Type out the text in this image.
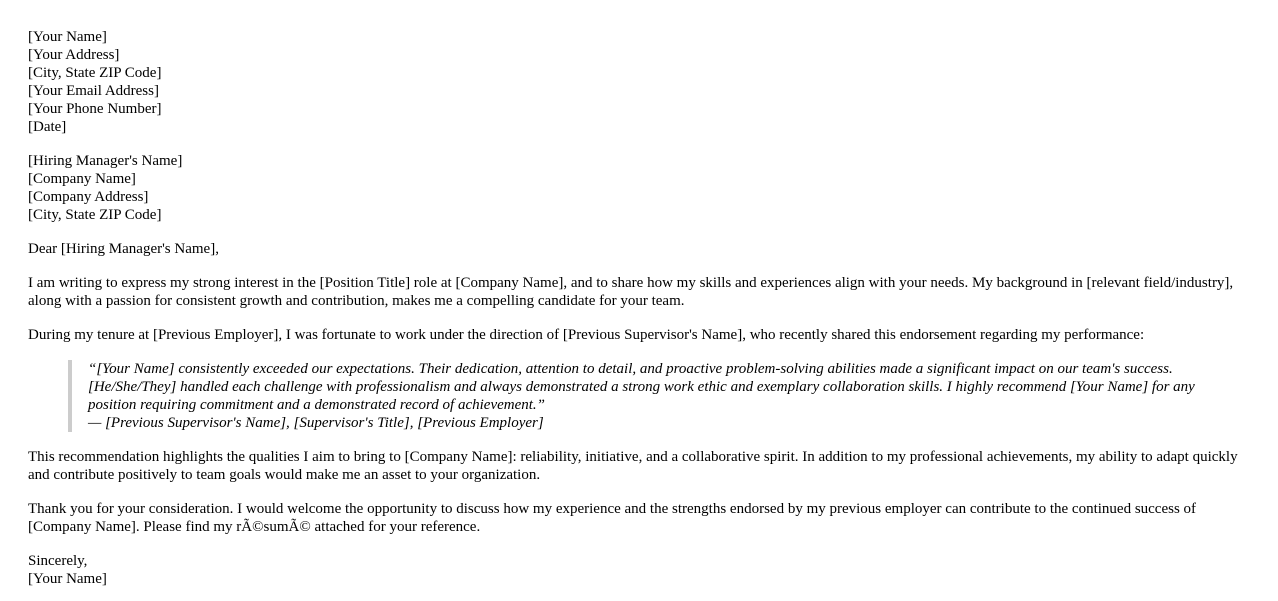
[Your Name]
[Your Address]
[City, State ZIP Code]
[Your Email Address]
[Your Phone Number]
[Date]
[Hiring Manager's Name]
[Company Name]
[Company Address]
[City, State ZIP Code]

Dear [Hiring Manager's Name],

I am writing to express my strong interest in the [Position Title] role at [Company Name], and to share how my skills and experiences align with your needs. My background in [relevant field/industry], along with a passion for consistent growth and contribution, makes me a compelling candidate for your team.

During my tenure at [Previous Employer], I was fortunate to work under the direction of [Previous Supervisor's Name], who recently shared this endorsement regarding my performance:

“[Your Name] consistently exceeded our expectations. Their dedication, attention to detail, and proactive problem-solving abilities made a significant impact on our team's success. [He/She/They] handled each challenge with professionalism and always demonstrated a strong work ethic and exemplary collaboration skills. I highly recommend [Your Name] for any position requiring commitment and a demonstrated record of achievement.”
— [Previous Supervisor's Name], [Supervisor's Title], [Previous Employer]

This recommendation highlights the qualities I aim to bring to [Company Name]: reliability, initiative, and a collaborative spirit. In addition to my professional achievements, my ability to adapt quickly and contribute positively to team goals would make me an asset to your organization.

Thank you for your consideration. I would welcome the opportunity to discuss how my experience and the strengths endorsed by my previous employer can contribute to the continued success of [Company Name]. Please find my rÃ©sumÃ© attached for your reference.

Sincerely,
[Your Name]
